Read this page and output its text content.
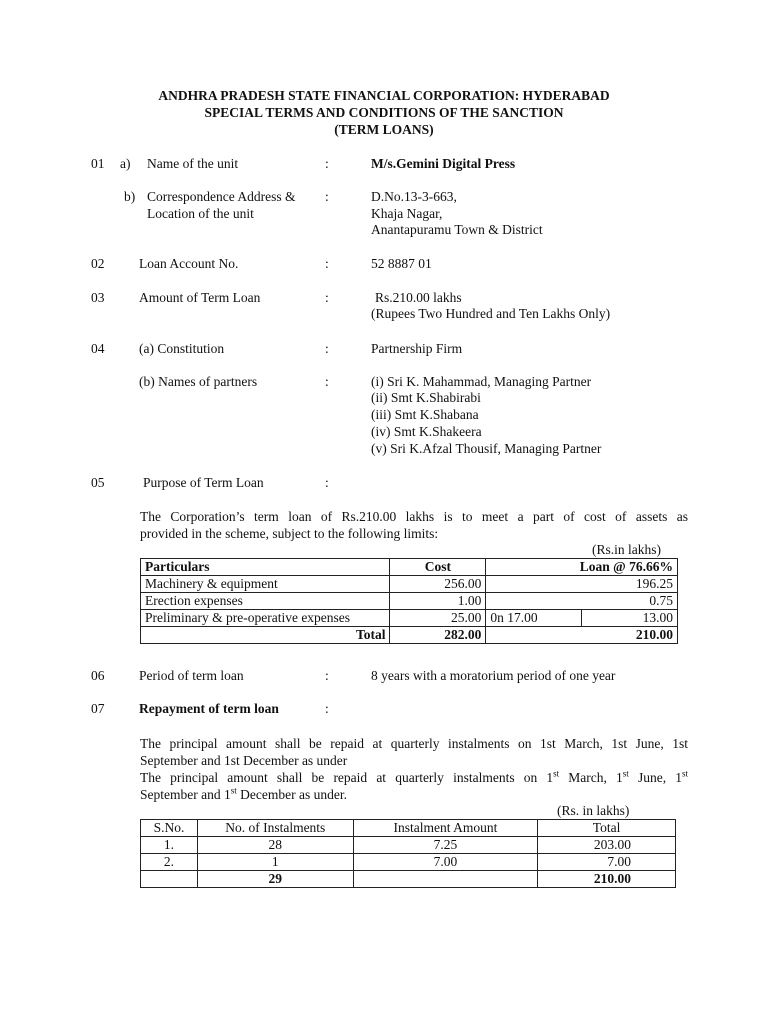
ANDHRA PRADESH STATE FINANCIAL CORPORATION: HYDERABAD
SPECIAL TERMS AND CONDITIONS OF THE SANCTION
(TERM LOANS)
01 a) Name of the unit	:	M/s.Gemini Digital Press
b) Correspondence Address &
Location of the unit
:	D.No.13-3-663,
Khaja Nagar,
Anantapuramu Town & District
02	Loan Account No.	:	52 8887 01
03	Amount of Term Loan	:	Rs.210.00 lakhs
(Rupees Two Hundred and Ten Lakhs Only)
04	(a) Constitution	:	Partnership Firm
(b) Names of partners	:	(i) Sri K. Mahammad, Managing Partner
(ii) Smt K.Shabirabi
(iii) Smt K.Shabana
(iv) Smt K.Shakeera
(v) Sri K.Afzal Thousif, Managing Partner
05	Purpose of Term Loan	:
The Corporation’s term loan of Rs.210.00 lakhs is to meet a part of cost of assets as
provided in the scheme, subject to the following limits:
(Rs.in lakhs)
Particulars	Cost	Loan @ 76.66%	
Machinery & equipment	256.00	196.25	
Erection expenses	1.00	0.75	
Preliminary & pre-operative expenses	25.00	0n 17.00	13.00
Total	282.00	210.00	
06	Period of term loan	:	8 years with a moratorium period of one year
07	Repayment of term loan	:
The principal amount shall be repaid at quarterly instalments on 1st March, 1st June, 1st
September and 1st December as under
The principal amount shall be repaid at quarterly instalments on 1st March, 1st June, 1st
September and 1st December as under.
(Rs. in lakhs)
S.No.	No. of Instalments	Instalment Amount	Total
1.	28	7.25	203.00
2.	1	7.00	7.00
	29		210.00
